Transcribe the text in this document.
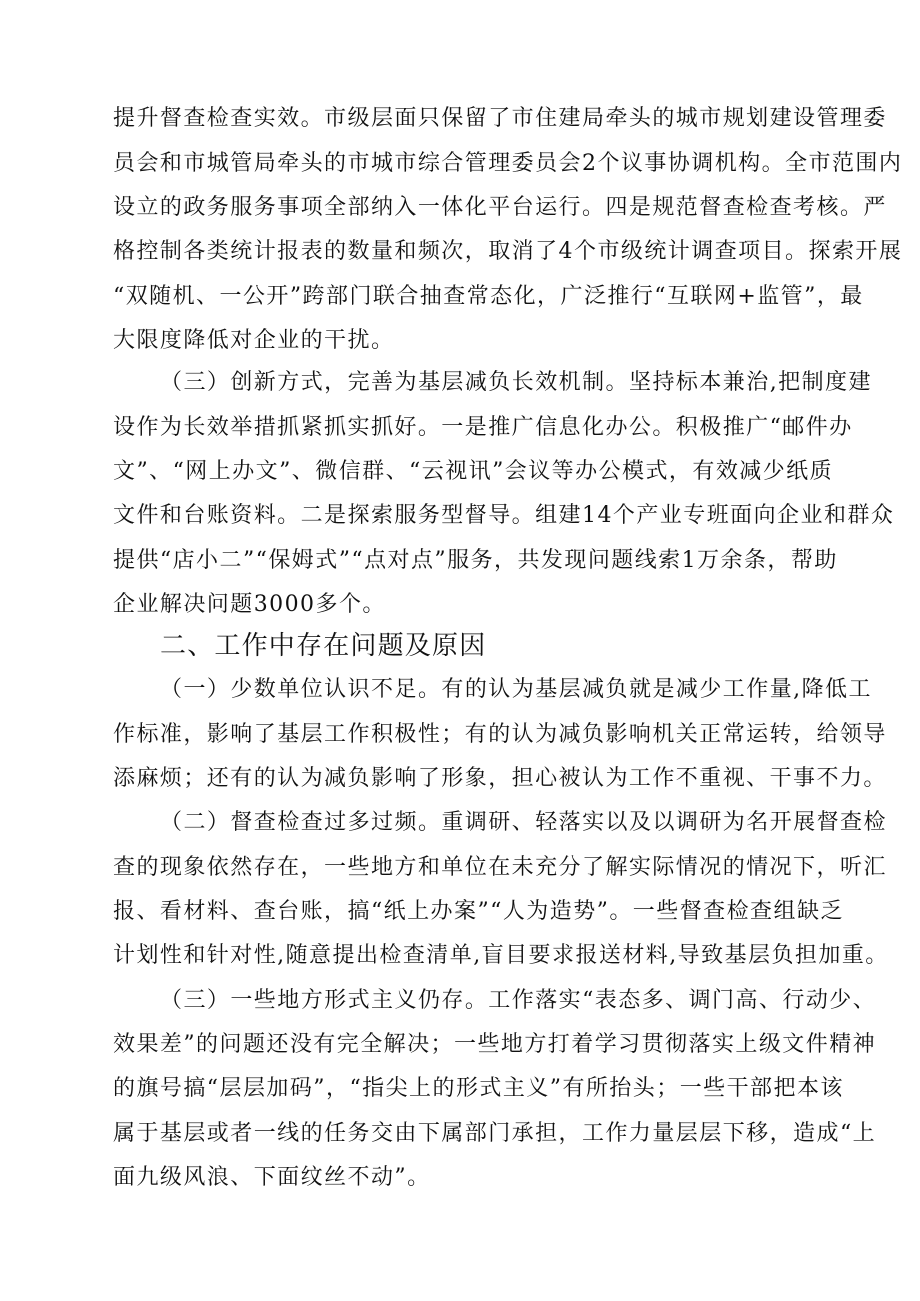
提升督查检查实效。市级层面只保留了市住建局牵头的城市规划建设管理委
员会和市城管局牵头的市城市综合管理委员会2个议事协调机构。全市范围内
设立的政务服务事项全部纳入一体化平台运行。四是规范督查检查考核。严
格控制各类统计报表的数量和频次，取消了4个市级统计调查项目。探索开展
“双随机、一公开”跨部门联合抽查常态化，广泛推行“互联网+监管”，最
大限度降低对企业的干扰。
（三）创新方式，完善为基层减负长效机制。坚持标本兼治,把制度建
设作为长效举措抓紧抓实抓好。一是推广信息化办公。积极推广“邮件办
文”、“网上办文”、微信群、“云视讯”会议等办公模式，有效减少纸质
文件和台账资料。二是探索服务型督导。组建14个产业专班面向企业和群众
提供“店小二”“保姆式”“点对点”服务，共发现问题线索1万余条，帮助
企业解决问题3000多个。
二、工作中存在问题及原因
（一）少数单位认识不足。有的认为基层减负就是减少工作量,降低工
作标准，影响了基层工作积极性；有的认为减负影响机关正常运转，给领导
添麻烦；还有的认为减负影响了形象，担心被认为工作不重视、干事不力。
（二）督查检查过多过频。重调研、轻落实以及以调研为名开展督查检
查的现象依然存在，一些地方和单位在未充分了解实际情况的情况下，听汇
报、看材料、查台账，搞“纸上办案”“人为造势”。一些督查检查组缺乏
计划性和针对性,随意提出检查清单,盲目要求报送材料,导致基层负担加重。
（三）一些地方形式主义仍存。工作落实“表态多、调门高、行动少、
效果差”的问题还没有完全解决；一些地方打着学习贯彻落实上级文件精神
的旗号搞“层层加码”，“指尖上的形式主义”有所抬头；一些干部把本该
属于基层或者一线的任务交由下属部门承担，工作力量层层下移，造成“上
面九级风浪、下面纹丝不动”。
